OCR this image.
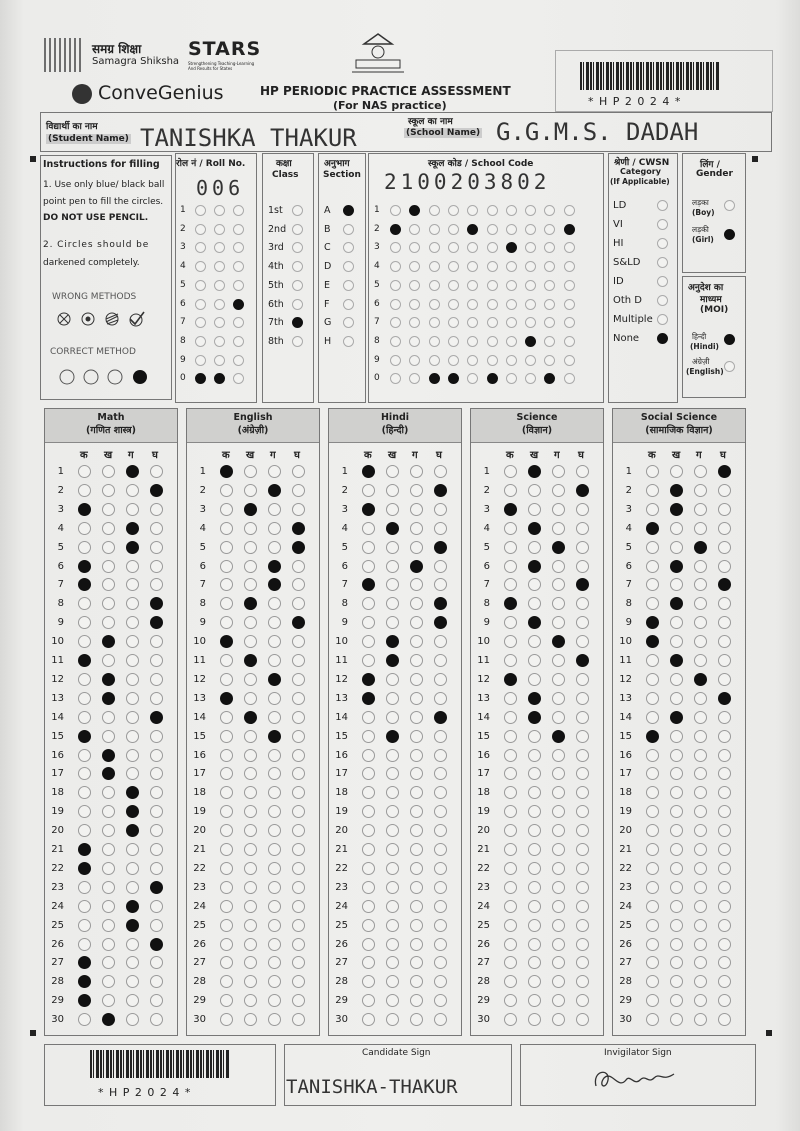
समग्र शिक्षा
Samagra Shiksha
STARS
Strengthening Teaching-Learning And Results for States
ConveGenius	HP PERIODIC PRACTICE ASSESSMENT
(For NAS practice)	* H P 2 0 2 4 *
विद्यार्थी का नाम
(Student Name) TANISHKA THAKUR
स्कूल का नाम
(School Name) G.G.M.S. DADAH
Instructions for filling
1. Use only blue/ black ball
point pen to fill the circles.
DO NOT USE PENCIL.
2. Circles should be
darkened completely.
WRONG METHODS
CORRECT METHOD
रोल नं / Roll No.
006
कक्षा
Class
अनुभाग
Section
स्कूल कोड / School Code
2100203802
श्रेणी / CWSN
Category
(If Applicable)
लिंग /
Gender
लड़का
(Boy)
लड़की
(Girl)
अनुदेश का
माध्यम
(MOI)
हिन्दी
(Hindi)
अंग्रेज़ी
(English)
* H P 2 0 2 4 *
Candidate Sign
TANISHKA-THAKUR
Invigilator Sign
1
2
3
4
5
6
7
8
9
0
1st
2nd
3rd
4th
5th
6th
7th
8th
A
B
C
D
E
F
G
H
1
2
3
4
5
6
7
8
9
0
LD
VI
HI
S&LD
ID
Oth D
Multiple
None
Math
(गणित शास्त्र)
क ख ग घ
1
2
3
4
5
6
7
8
9
10
11
12
13
14
15
16
17
18
19
20
21
22
23
24
25
26
27
28
29
30
English
(अंग्रेज़ी)
क ख ग घ
1
2
3
4
5
6
7
8
9
10
11
12
13
14
15
16
17
18
19
20
21
22
23
24
25
26
27
28
29
30
Hindi
(हिन्दी)
क ख ग घ
1
2
3
4
5
6
7
8
9
10
11
12
13
14
15
16
17
18
19
20
21
22
23
24
25
26
27
28
29
30
Science
(विज्ञान)
क ख ग घ
1
2
3
4
5
6
7
8
9
10
11
12
13
14
15
16
17
18
19
20
21
22
23
24
25
26
27
28
29
30
Social Science
(सामाजिक विज्ञान)
क ख ग घ
1
2
3
4
5
6
7
8
9
10
11
12
13
14
15
16
17
18
19
20
21
22
23
24
25
26
27
28
29
30
